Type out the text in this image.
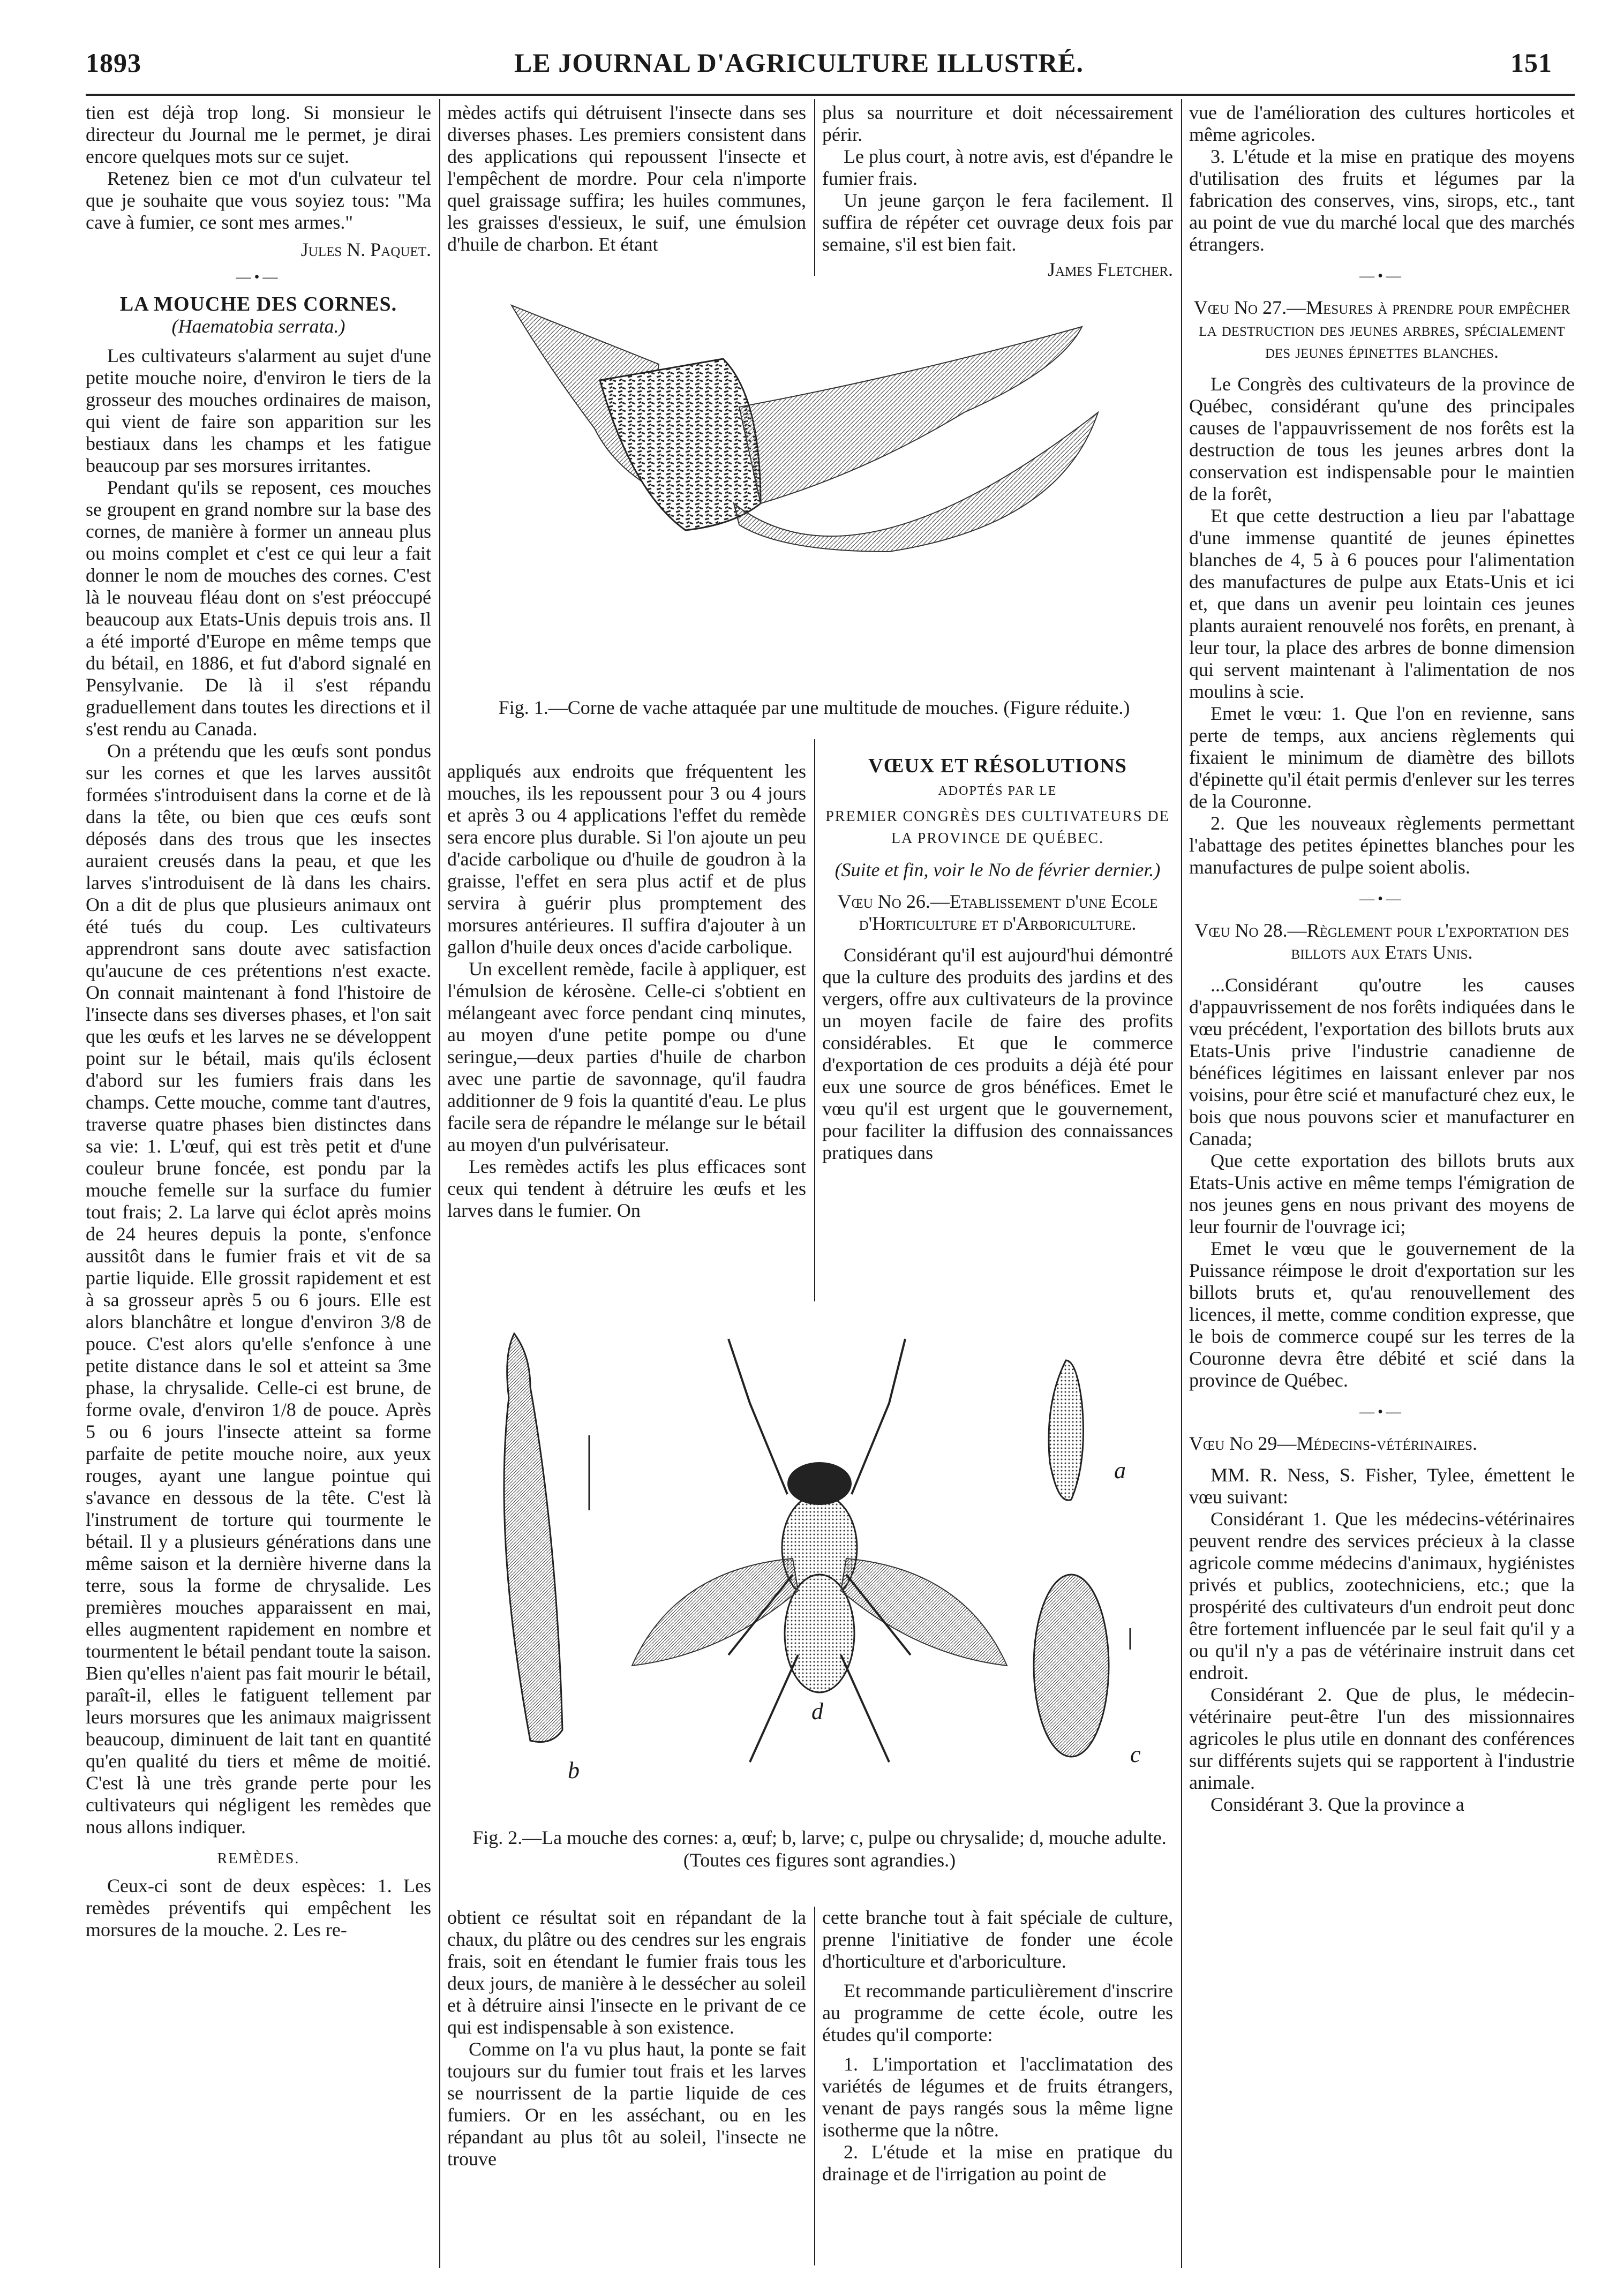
1893	LE JOURNAL D'AGRICULTURE ILLUSTRÉ.	151

tien est déjà trop long. Si monsieur le directeur du Journal me le permet, je dirai encore quelques mots sur ce sujet.

Retenez bien ce mot d'un culvateur tel que je souhaite que vous soyiez tous: "Ma cave à fumier, ce sont mes armes."

Jules N. Paquet.

—•—

LA MOUCHE DES CORNES.

(Haematobia serrata.)

Les cultivateurs s'alarment au sujet d'une petite mouche noire, d'environ le tiers de la grosseur des mouches ordinaires de maison, qui vient de faire son apparition sur les bestiaux dans les champs et les fatigue beaucoup par ses morsures irritantes.

Pendant qu'ils se reposent, ces mouches se groupent en grand nombre sur la base des cornes, de manière à former un anneau plus ou moins complet et c'est ce qui leur a fait donner le nom de mouches des cornes. C'est là le nouveau fléau dont on s'est préoccupé beaucoup aux Etats-Unis depuis trois ans. Il a été importé d'Europe en même temps que du bétail, en 1886, et fut d'abord signalé en Pensylvanie. De là il s'est répandu graduellement dans toutes les directions et il s'est rendu au Canada.

On a prétendu que les œufs sont pondus sur les cornes et que les larves aussitôt formées s'introduisent dans la corne et de là dans la tête, ou bien que ces œufs sont déposés dans des trous que les insectes auraient creusés dans la peau, et que les larves s'introduisent de là dans les chairs. On a dit de plus que plusieurs animaux ont été tués du coup. Les cultivateurs apprendront sans doute avec satisfaction qu'aucune de ces prétentions n'est exacte. On connait maintenant à fond l'histoire de l'insecte dans ses diverses phases, et l'on sait que les œufs et les larves ne se développent point sur le bétail, mais qu'ils éclosent d'abord sur les fumiers frais dans les champs. Cette mouche, comme tant d'autres, traverse quatre phases bien distinctes dans sa vie: 1. L'œuf, qui est très petit et d'une couleur brune foncée, est pondu par la mouche femelle sur la surface du fumier tout frais; 2. La larve qui éclot après moins de 24 heures depuis la ponte, s'enfonce aussitôt dans le fumier frais et vit de sa partie liquide. Elle grossit rapidement et est à sa grosseur après 5 ou 6 jours. Elle est alors blanchâtre et longue d'environ 3/8 de pouce. C'est alors qu'elle s'enfonce à une petite distance dans le sol et atteint sa 3me phase, la chrysalide. Celle-ci est brune, de forme ovale, d'environ 1/8 de pouce. Après 5 ou 6 jours l'insecte atteint sa forme parfaite de petite mouche noire, aux yeux rouges, ayant une langue pointue qui s'avance en dessous de la tête. C'est là l'instrument de torture qui tourmente le bétail. Il y a plusieurs générations dans une même saison et la dernière hiverne dans la terre, sous la forme de chrysalide. Les premières mouches apparaissent en mai, elles augmentent rapidement en nombre et tourmentent le bétail pendant toute la saison. Bien qu'elles n'aient pas fait mourir le bétail, paraît-il, elles le fatiguent tellement par leurs morsures que les animaux maigrissent beaucoup, diminuent de lait tant en quantité qu'en qualité du tiers et même de moitié. C'est là une très grande perte pour les cultivateurs qui négligent les remèdes que nous allons indiquer.

REMÈDES.

Ceux-ci sont de deux espèces: 1. Les remèdes préventifs qui empêchent les morsures de la mouche. 2. Les re-

mèdes actifs qui détruisent l'insecte dans ses diverses phases. Les premiers consistent dans des applications qui repoussent l'insecte et l'empêchent de mordre. Pour cela n'importe quel graissage suffira; les huiles communes, les graisses d'essieux, le suif, une émulsion d'huile de charbon. Et étant

plus sa nourriture et doit nécessairement périr.

Le plus court, à notre avis, est d'épandre le fumier frais.

Un jeune garçon le fera facilement. Il suffira de répéter cet ouvrage deux fois par semaine, s'il est bien fait.

James Fletcher.

Fig. 1.—Corne de vache attaquée par une multitude de mouches. (Figure réduite.)

appliqués aux endroits que fréquentent les mouches, ils les repoussent pour 3 ou 4 jours et après 3 ou 4 applications l'effet du remède sera encore plus durable. Si l'on ajoute un peu d'acide carbolique ou d'huile de goudron à la graisse, l'effet en sera plus actif et de plus servira à guérir plus promptement des morsures antérieures. Il suffira d'ajouter à un gallon d'huile deux onces d'acide carbolique.

Un excellent remède, facile à appliquer, est l'émulsion de kérosène. Celle-ci s'obtient en mélangeant avec force pendant cinq minutes, au moyen d'une petite pompe ou d'une seringue,—deux parties d'huile de charbon avec une partie de savonnage, qu'il faudra additionner de 9 fois la quantité d'eau. Le plus facile sera de répandre le mélange sur le bétail au moyen d'un pulvérisateur.

Les remèdes actifs les plus efficaces sont ceux qui tendent à détruire les œufs et les larves dans le fumier. On

VŒUX ET RÉSOLUTIONS

ADOPTÉS PAR LE

PREMIER CONGRÈS DES CULTIVATEURS DE LA PROVINCE DE QUÉBEC.

(Suite et fin, voir le No de février dernier.)

Vœu No 26.—Etablissement d'une Ecole d'Horticulture et d'Arboriculture.

Considérant qu'il est aujourd'hui démontré que la culture des produits des jardins et des vergers, offre aux cultivateurs de la province un moyen facile de faire des profits considérables. Et que le commerce d'exportation de ces produits a déjà été pour eux une source de gros bénéfices. Emet le vœu qu'il est urgent que le gouvernement, pour faciliter la diffusion des connaissances pratiques dans

b
d
a
c
Fig. 2.—La mouche des cornes: a, œuf; b, larve; c, pulpe ou chrysalide; d, mouche adulte. (Toutes ces figures sont agrandies.)

obtient ce résultat soit en répandant de la chaux, du plâtre ou des cendres sur les engrais frais, soit en étendant le fumier frais tous les deux jours, de manière à le dessécher au soleil et à détruire ainsi l'insecte en le privant de ce qui est indispensable à son existence.

Comme on l'a vu plus haut, la ponte se fait toujours sur du fumier tout frais et les larves se nourrissent de la partie liquide de ces fumiers. Or en les asséchant, ou en les répandant au plus tôt au soleil, l'insecte ne trouve

cette branche tout à fait spéciale de culture, prenne l'initiative de fonder une école d'horticulture et d'arboriculture.

Et recommande particulièrement d'inscrire au programme de cette école, outre les études qu'il comporte:

1. L'importation et l'acclimatation des variétés de légumes et de fruits étrangers, venant de pays rangés sous la même ligne isotherme que la nôtre.

2. L'étude et la mise en pratique du drainage et de l'irrigation au point de

vue de l'amélioration des cultures horticoles et même agricoles.

3. L'étude et la mise en pratique des moyens d'utilisation des fruits et légumes par la fabrication des conserves, vins, sirops, etc., tant au point de vue du marché local que des marchés étrangers.

—•—

Vœu No 27.—Mesures à prendre pour empêcher la destruction des jeunes arbres, spécialement des jeunes épinettes blanches.

Le Congrès des cultivateurs de la province de Québec, considérant qu'une des principales causes de l'appauvrissement de nos forêts est la destruction de tous les jeunes arbres dont la conservation est indispensable pour le maintien de la forêt,

Et que cette destruction a lieu par l'abattage d'une immense quantité de jeunes épinettes blanches de 4, 5 à 6 pouces pour l'alimentation des manufactures de pulpe aux Etats-Unis et ici et, que dans un avenir peu lointain ces jeunes plants auraient renouvelé nos forêts, en prenant, à leur tour, la place des arbres de bonne dimension qui servent maintenant à l'alimentation de nos moulins à scie.

Emet le vœu: 1. Que l'on en revienne, sans perte de temps, aux anciens règlements qui fixaient le minimum de diamètre des billots d'épinette qu'il était permis d'enlever sur les terres de la Couronne.

2. Que les nouveaux règlements permettant l'abattage des petites épinettes blanches pour les manufactures de pulpe soient abolis.

—•—

Vœu No 28.—Règlement pour l'exportation des billots aux Etats Unis.

...Considérant qu'outre les causes d'appauvrissement de nos forêts indiquées dans le vœu précédent, l'exportation des billots bruts aux Etats-Unis prive l'industrie canadienne de bénéfices légitimes en laissant enlever par nos voisins, pour être scié et manufacturé chez eux, le bois que nous pouvons scier et manufacturer en Canada;

Que cette exportation des billots bruts aux Etats-Unis active en même temps l'émigration de nos jeunes gens en nous privant des moyens de leur fournir de l'ouvrage ici;

Emet le vœu que le gouvernement de la Puissance réimpose le droit d'exportation sur les billots bruts et, qu'au renouvellement des licences, il mette, comme condition expresse, que le bois de commerce coupé sur les terres de la Couronne devra être débité et scié dans la province de Québec.

—•—

Vœu No 29—Médecins-vétérinaires.

MM. R. Ness, S. Fisher, Tylee, émettent le vœu suivant:

Considérant 1. Que les médecins-vétérinaires peuvent rendre des services précieux à la classe agricole comme médecins d'animaux, hygiénistes privés et publics, zootechniciens, etc.; que la prospérité des cultivateurs d'un endroit peut donc être fortement influencée par le seul fait qu'il y a ou qu'il n'y a pas de vétérinaire instruit dans cet endroit.

Considérant 2. Que de plus, le médecin-vétérinaire peut-être l'un des missionnaires agricoles le plus utile en donnant des conférences sur différents sujets qui se rapportent à l'industrie animale.

Considérant 3. Que la province a
